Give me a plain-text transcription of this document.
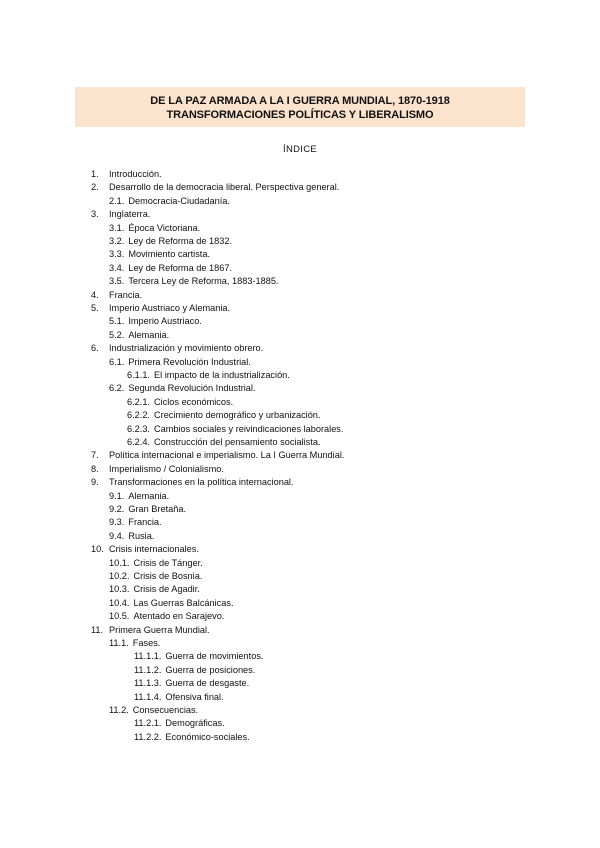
DE LA PAZ ARMADA A LA I GUERRA MUNDIAL, 1870-1918
TRANSFORMACIONES POLÍTICAS Y LIBERALISMO
ÍNDICE
1. Introducción.
2. Desarrollo de la democracia liberal. Perspectiva general.
2.1. Democracia-Ciudadanía.
3. Inglaterra.
3.1. Época Victoriana.
3.2. Ley de Reforma de 1832.
3.3. Movimiento cartista.
3.4. Ley de Reforma de 1867.
3.5. Tercera Ley de Reforma, 1883-1885.
4. Francia.
5. Imperio Austriaco y Alemania.
5.1. Imperio Austriaco.
5.2. Alemania.
6. Industrialización y movimiento obrero.
6.1. Primera Revolución Industrial.
6.1.1. El impacto de la industrialización.
6.2. Segunda Revolución Industrial.
6.2.1. Ciclos económicos.
6.2.2. Crecimiento demográfico y urbanización.
6.2.3. Cambios sociales y reivindicaciones laborales.
6.2.4. Construcción del pensamiento socialista.
7. Política internacional e imperialismo. La I Guerra Mundial.
8. Imperialismo / Colonialismo.
9. Transformaciones en la política internacional.
9.1. Alemania.
9.2. Gran Bretaña.
9.3. Francia.
9.4. Rusia.
10. Crisis internacionales.
10.1. Crisis de Tánger.
10.2. Crisis de Bosnia.
10.3. Crisis de Agadir.
10.4. Las Guerras Balcánicas.
10.5. Atentado en Sarajevo.
11. Primera Guerra Mundial.
11.1. Fases.
11.1.1. Guerra de movimientos.
11.1.2. Guerra de posiciones.
11.1.3. Guerra de desgaste.
11.1.4. Ofensiva final.
11.2. Consecuencias.
11.2.1. Demográficas.
11.2.2. Económico-sociales.
